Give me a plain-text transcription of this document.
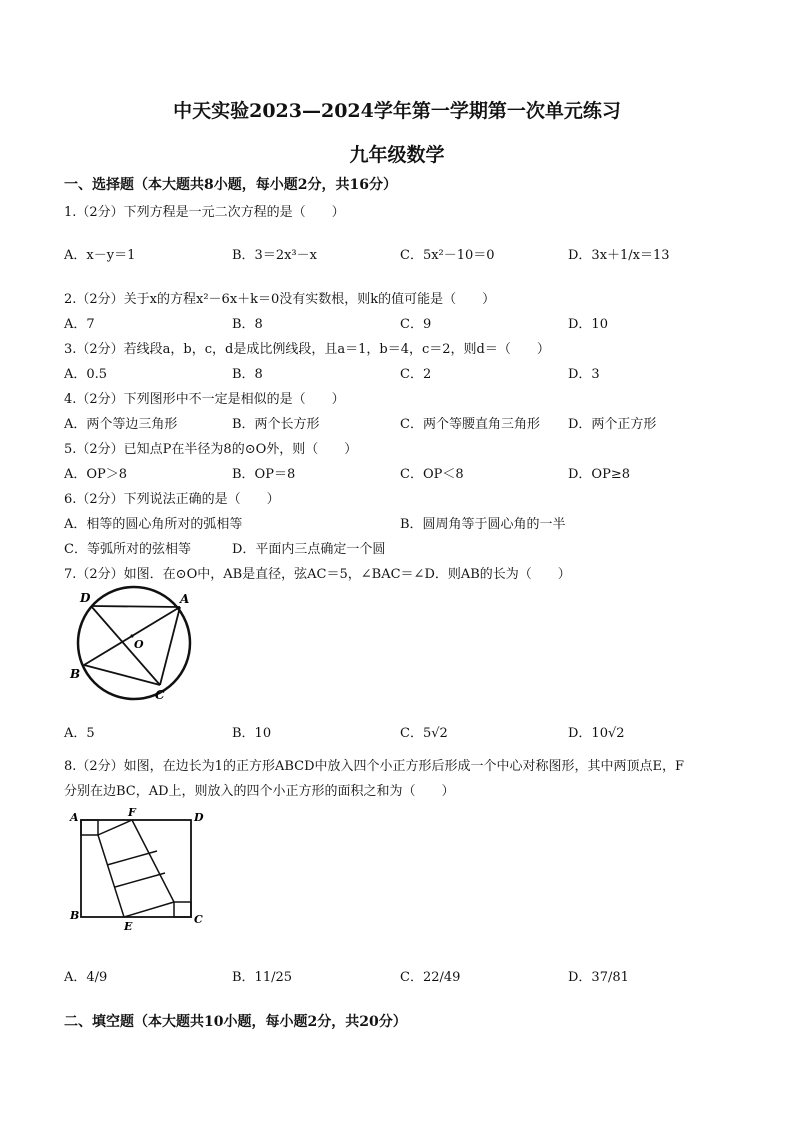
中天实验2023—2024学年第一学期第一次单元练习
九年级数学
一、选择题（本大题共8小题，每小题2分，共16分）
1.（2分）下列方程是一元二次方程的是（　　）
A．x－y＝1	B．3＝2x³－x	C．5x²－10＝0	D．3x＋1/x＝13
2.（2分）关于x的方程x²－6x＋k＝0没有实数根，则k的值可能是（　　）
A．7	B．8	C．9	D．10
3.（2分）若线段a，b，c，d是成比例线段，且a＝1，b＝4，c＝2，则d＝（　　）
A．0.5	B．8	C．2	D．3
4.（2分）下列图形中不一定是相似的是（　　）
A．两个等边三角形	B．两个长方形	C．两个等腰直角三角形 D．两个正方形
5.（2分）已知点P在半径为8的⊙O外，则（　　）
A．OP＞8	B．OP＝8	C．OP＜8	D．OP≥8
6.（2分）下列说法正确的是（　　）
A．相等的圆心角所对的弧相等	B．圆周角等于圆心角的一半
C．等弧所对的弦相等	D．平面内三点确定一个圆
7.（2分）如图．在⊙O中，AB是直径，弦AC＝5，∠BAC＝∠D．则AB的长为（　　）
D	A
O
B
C
A．5	B．10	C．5√2	D．10√2
8.（2分）如图，在边长为1的正方形ABCD中放入四个小正方形后形成一个中心对称图形，其中两顶点E，F
分别在边BC，AD上，则放入的四个小正方形的面积之和为（　　）
A	F	D
B
E
C
A．4/9	B．11/25	C．22/49	D．37/81
二、填空题（本大题共10小题，每小题2分，共20分）
